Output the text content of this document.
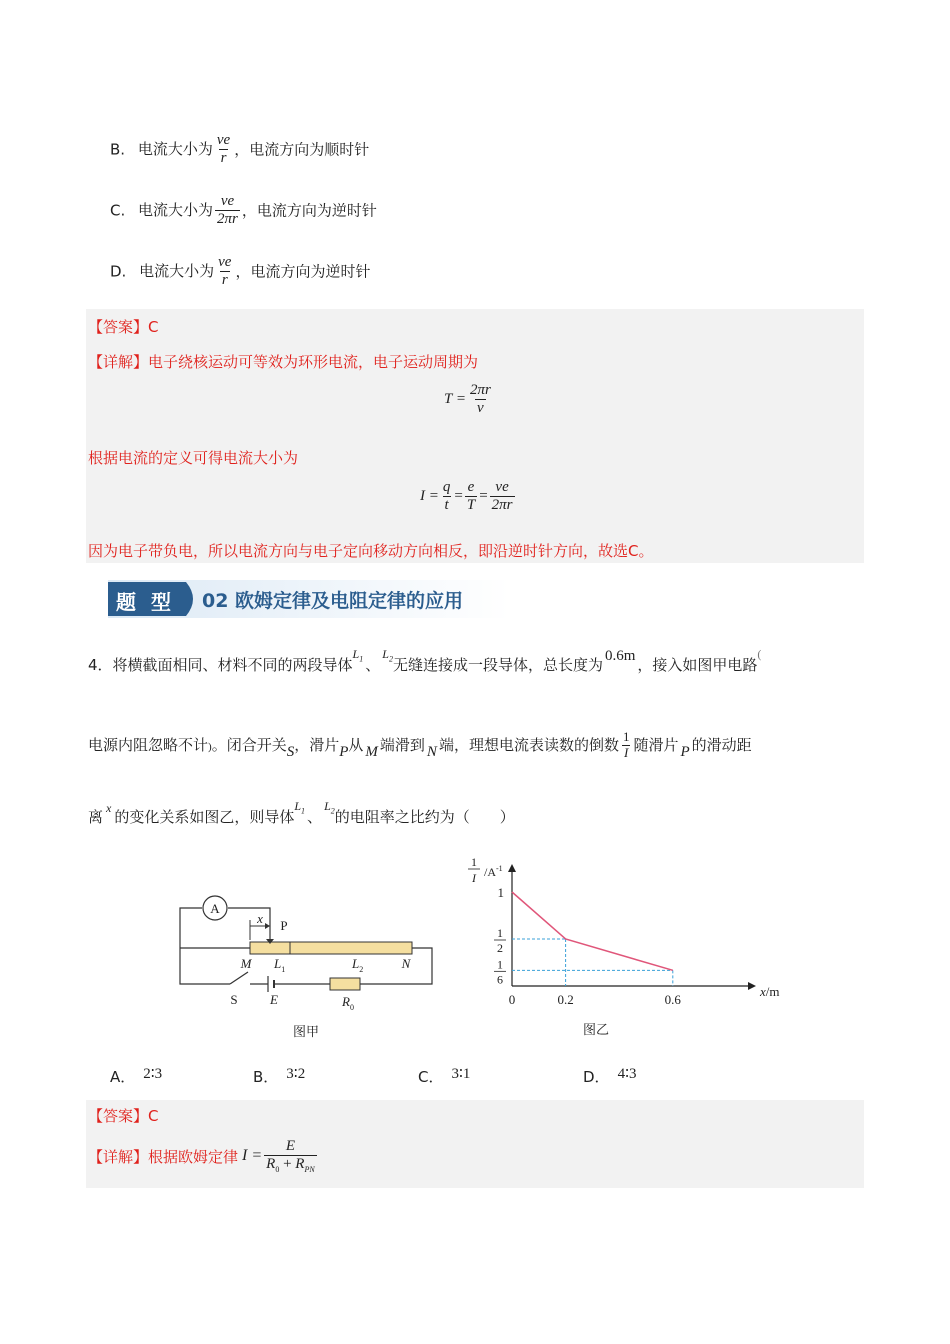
B. 电流大小为 $\frac{ve}{r}$ ，电流方向为顺时针
C. 电流大小为 $\frac{ve}{2\pi r}$ ，电流方向为逆时针
D. 电流大小为 $\frac{ve}{r}$ ，电流方向为逆时针
【答案】C
【详解】电子绕核运动可等效为环形电流，电子运动周期为
$T = \frac{2\pi r}{v}$
根据电流的定义可得电流大小为
$I = \frac{q}{t} = \frac{e}{T} = \frac{ve}{2\pi r}$
因为电子带负电，所以电流方向与电子定向移动方向相反，即沿逆时针方向，故选C。
题 型 02 欧姆定律及电阻定律的应用
4．将横截面相同、材料不同的两段导体$^{L_1}$ 、$^{L_2}$无缝连接成一段导体，总长度为 0.6m ，接入如图甲电路(
电源内阻忽略不计)。闭合开关S，滑片P从 M 端滑到 N 端，理想电流表读数的倒数 $\frac{1}{I}$ 随滑片 P 的滑动距
离 $^x$ 的变化关系如图乙，则导体$^{L_1}$ 、$^{L_2}$的电阻率之比约为（　　）
A
x P
M $L_1$	$L_2$	N
S E	$R_0$
图甲
1
I $/A^{-1}$
0	0.2	0.6
1
1
2
1
6
x/m
图乙
A． 2∶3	B． 3∶2	C． 3∶1	D． 4∶3
【答案】C
【详解】 根据欧姆定律 $I = \frac{E}{R_0 + R_{PN}}$
